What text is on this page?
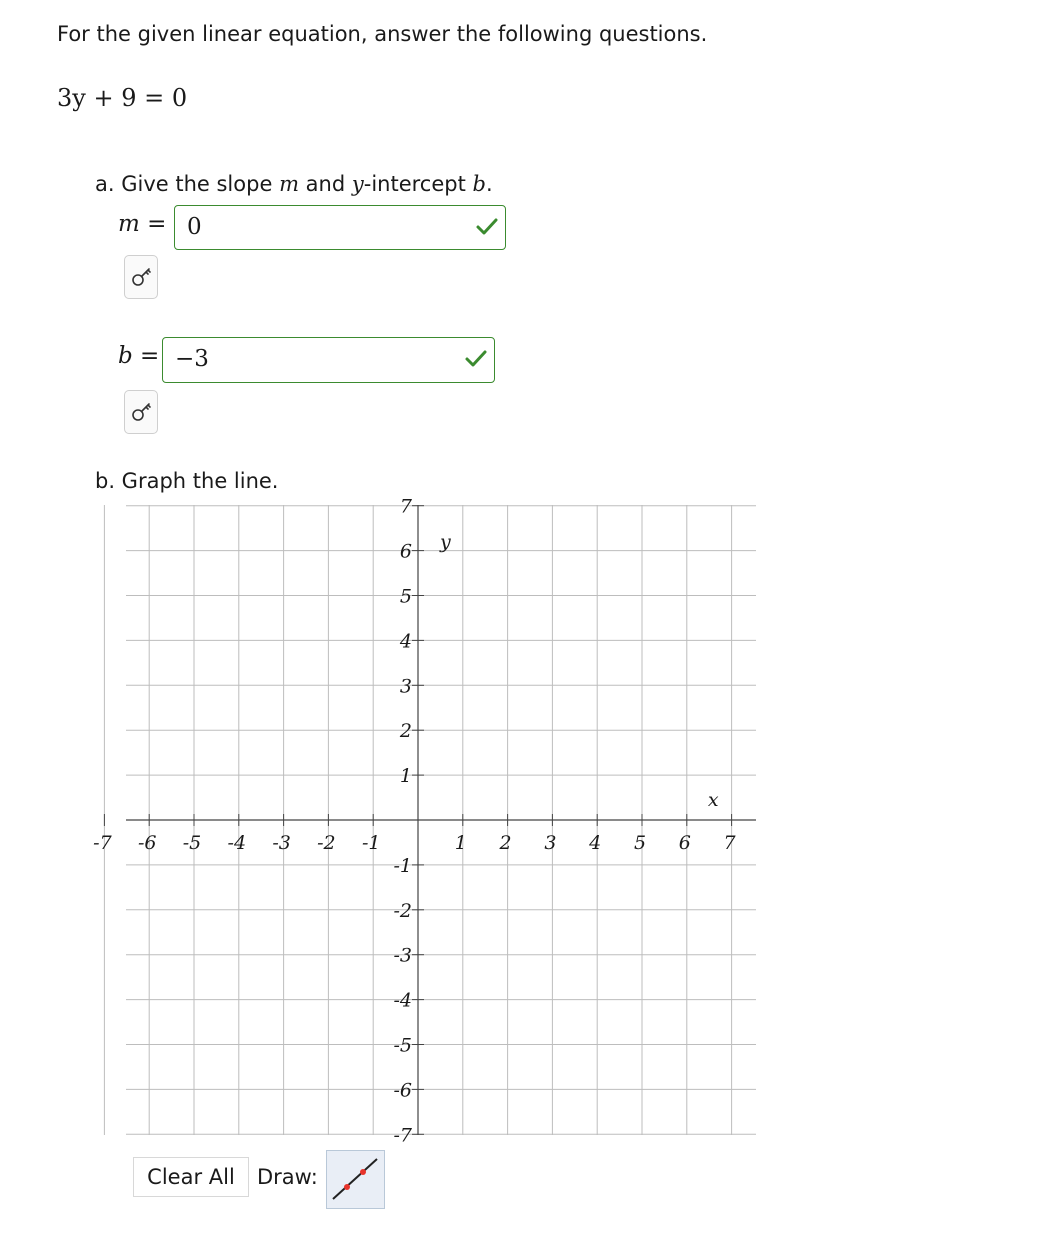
For the given linear equation, answer the following questions.
3y + 9 = 0
a. Give the slope m and y-intercept b.
m = 0
b = −3
b. Graph the line.
-7 -6 -5 -4 -3 -2 -1	1 2 3 4 5 6 7
7
6
5
4
3
2
1
-1
-2
-3
-4
-5
-6
-7
x
y
Clear All	Draw:
